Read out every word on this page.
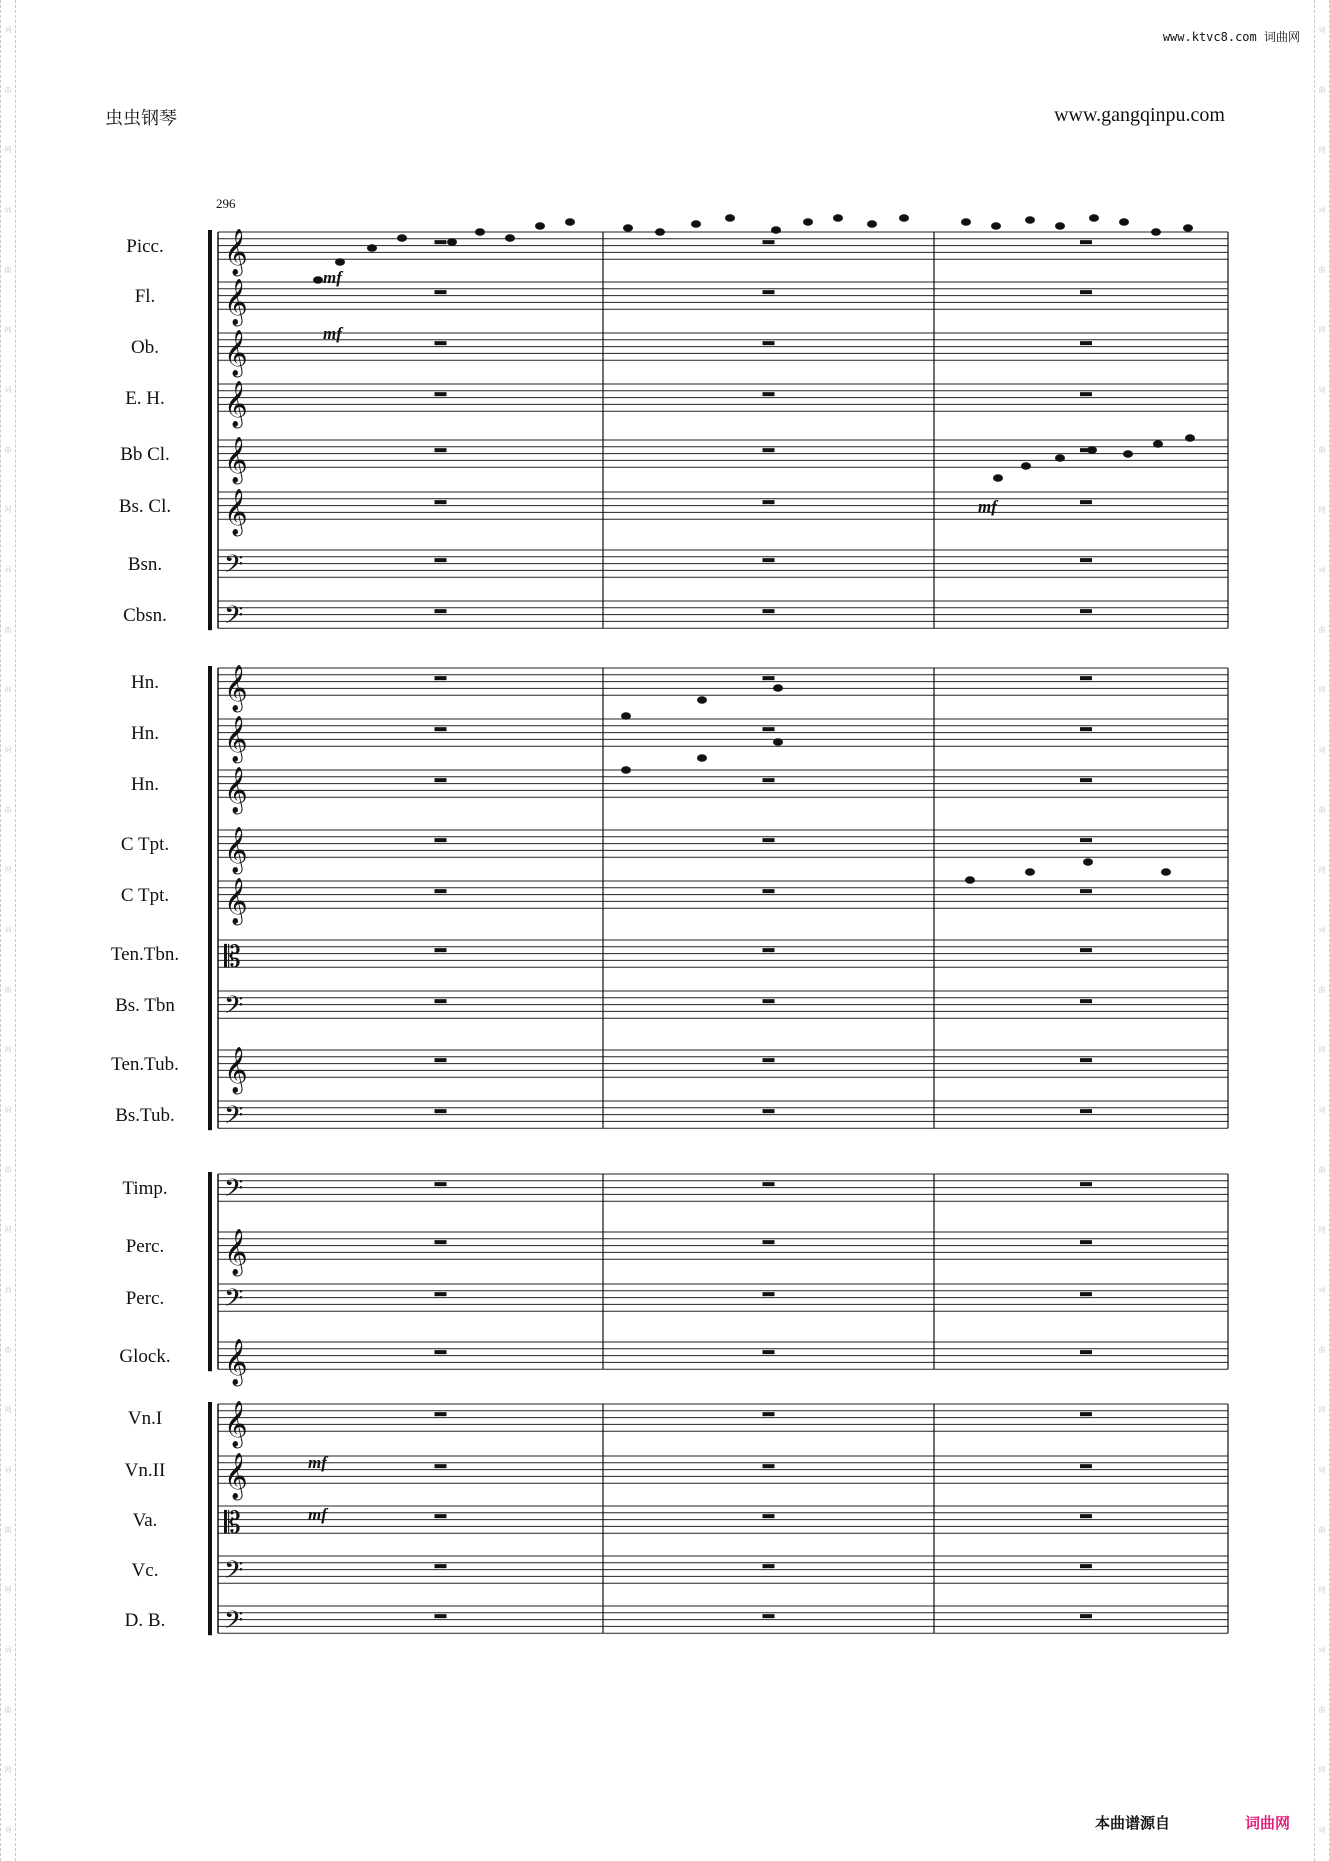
词
曲
网
词
曲
网
词
曲
网
词
曲
网
词
曲
网
词
曲
网
词
曲
网
词
曲
网
词
曲
网
词
曲
网
词
词
曲
网
词
曲
网
词
曲
网
词
曲
网
词
曲
网
词
曲
网
词
曲
网
词
曲
网
词
曲
网
词
曲
网
词
www.ktvc8.com 词曲网
虫虫钢琴	www.gangqinpu.com
296
Picc.
Fl.
Ob.
E. H.
Bb Cl.
Bs. Cl.
Bsn.
Cbsn.
Hn.
Hn.
Hn.
C Tpt.
C Tpt.
Ten.Tbn.
Bs. Tbn
Ten.Tub.
Bs.Tub.
Timp.
Perc.
Perc.
Glock.
Vn.I
Vn.II
Va.
Vc.
D. B.
𝄞
𝄞
𝄞
𝄞
𝄞
𝄞
𝄢
𝄢
𝄞
𝄞
𝄞
𝄞
𝄞
𝄡
𝄢
𝄞
𝄢
𝄢
𝄞
𝄢
𝄞
𝄞
𝄞
𝄡
𝄢
𝄢
mf
mf
mf
mf
mf
本曲谱源自	词曲网
